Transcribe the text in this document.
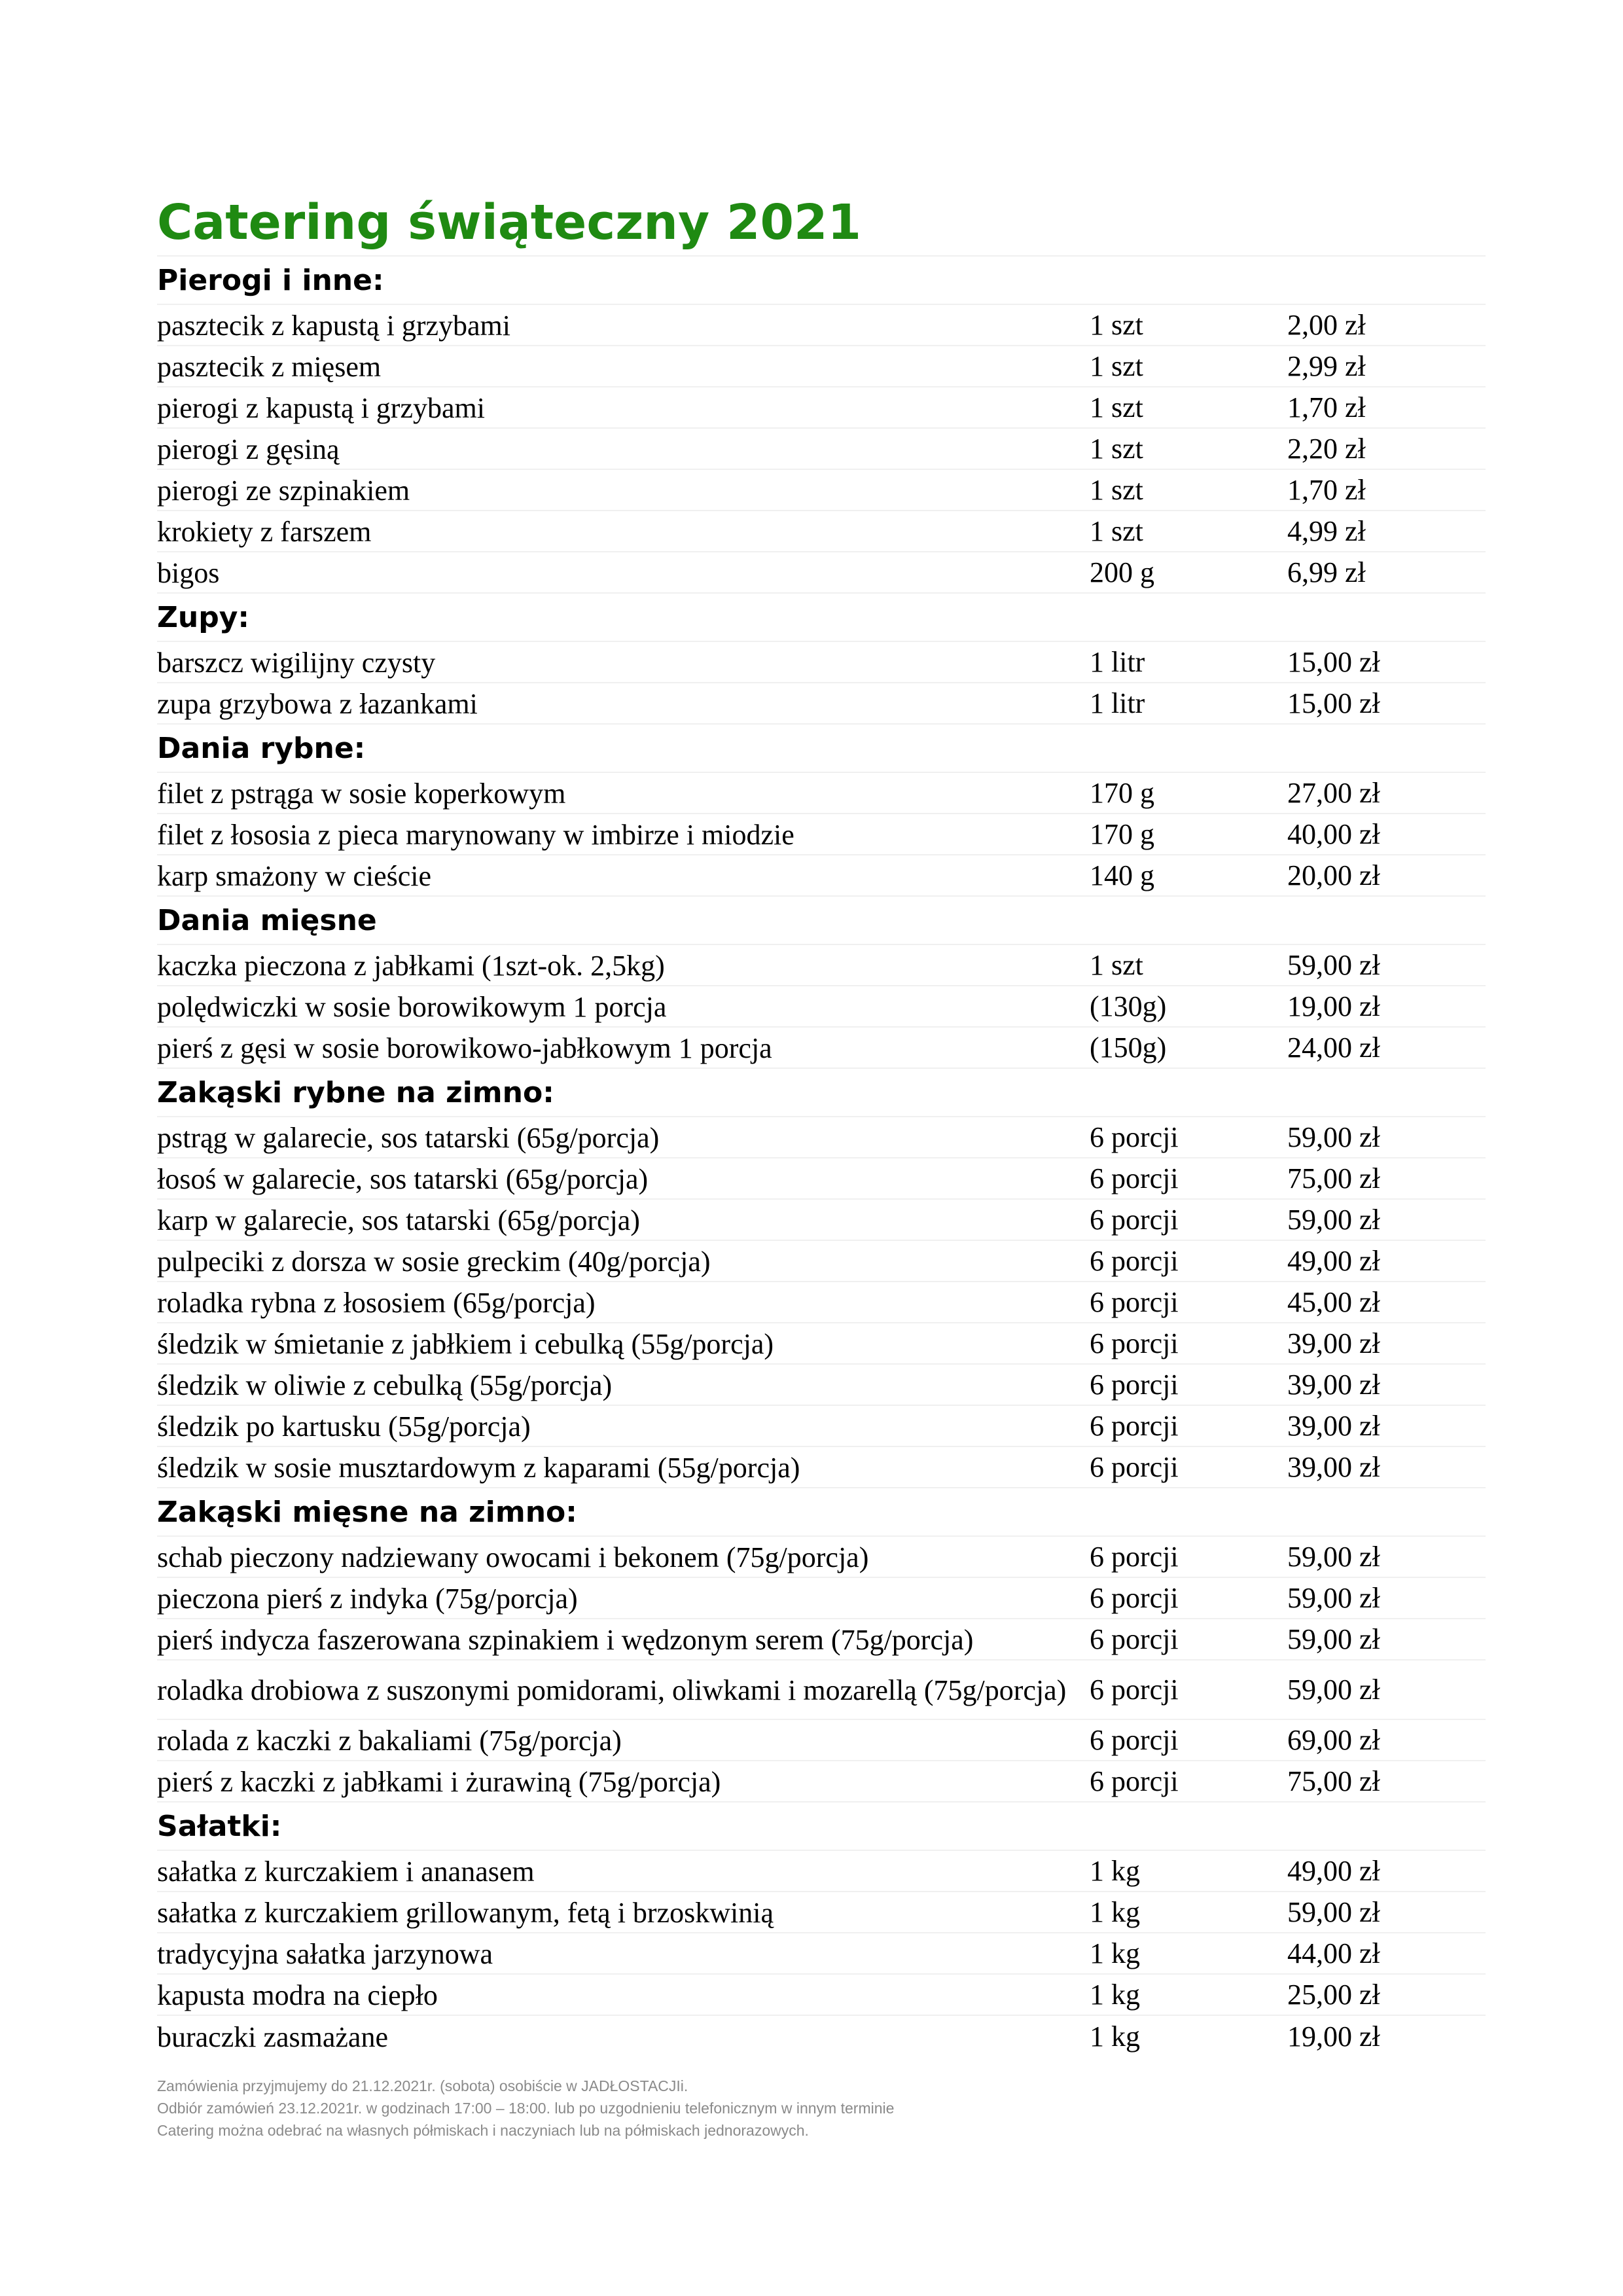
Catering świąteczny 2021
Pierogi i inne:
pasztecik z kapustą i grzybami	1 szt	2,00 zł
pasztecik z mięsem	1 szt	2,99 zł
pierogi z kapustą i grzybami	1 szt	1,70 zł
pierogi z gęsiną	1 szt	2,20 zł
pierogi ze szpinakiem	1 szt	1,70 zł
krokiety z farszem	1 szt	4,99 zł
bigos	200 g	6,99 zł
Zupy:
barszcz wigilijny czysty	1 litr	15,00 zł
zupa grzybowa z łazankami	1 litr	15,00 zł
Dania rybne:
filet z pstrąga w sosie koperkowym	170 g	27,00 zł
filet z łososia z pieca marynowany w imbirze i miodzie	170 g	40,00 zł
karp smażony w cieście	140 g	20,00 zł
Dania mięsne
kaczka pieczona z jabłkami (1szt-ok. 2,5kg)	1 szt	59,00 zł
polędwiczki w sosie borowikowym 1 porcja	(130g)	19,00 zł
pierś z gęsi w sosie borowikowo-jabłkowym 1 porcja	(150g)	24,00 zł
Zakąski rybne na zimno:
pstrąg w galarecie, sos tatarski (65g/porcja)	6 porcji	59,00 zł
łosoś w galarecie, sos tatarski (65g/porcja)	6 porcji	75,00 zł
karp w galarecie, sos tatarski (65g/porcja)	6 porcji	59,00 zł
pulpeciki z dorsza w sosie greckim (40g/porcja)	6 porcji	49,00 zł
roladka rybna z łososiem (65g/porcja)	6 porcji	45,00 zł
śledzik w śmietanie z jabłkiem i cebulką (55g/porcja)	6 porcji	39,00 zł
śledzik w oliwie z cebulką (55g/porcja)	6 porcji	39,00 zł
śledzik po kartusku (55g/porcja)	6 porcji	39,00 zł
śledzik w sosie musztardowym z kaparami (55g/porcja)	6 porcji	39,00 zł
Zakąski mięsne na zimno:
schab pieczony nadziewany owocami i bekonem (75g/porcja)	6 porcji	59,00 zł
pieczona pierś z indyka (75g/porcja)	6 porcji	59,00 zł
pierś indycza faszerowana szpinakiem i wędzonym serem (75g/porcja)	6 porcji	59,00 zł
roladka drobiowa z suszonymi pomidorami, oliwkami i mozarellą (75g/porcja) 6 porcji	59,00 zł
rolada z kaczki z bakaliami (75g/porcja)	6 porcji	69,00 zł
pierś z kaczki z jabłkami i żurawiną (75g/porcja)	6 porcji	75,00 zł
Sałatki:
sałatka z kurczakiem i ananasem	1 kg	49,00 zł
sałatka z kurczakiem grillowanym, fetą i brzoskwinią	1 kg	59,00 zł
tradycyjna sałatka jarzynowa	1 kg	44,00 zł
kapusta modra na ciepło	1 kg	25,00 zł
buraczki zasmażane	1 kg	19,00 zł
Zamówienia przyjmujemy do 21.12.2021r. (sobota) osobiście w JADŁOSTACJIi.
Odbiór zamówień 23.12.2021r. w godzinach 17:00 – 18:00. lub po uzgodnieniu telefonicznym w innym terminie
Catering można odebrać na własnych półmiskach i naczyniach lub na półmiskach jednorazowych.
